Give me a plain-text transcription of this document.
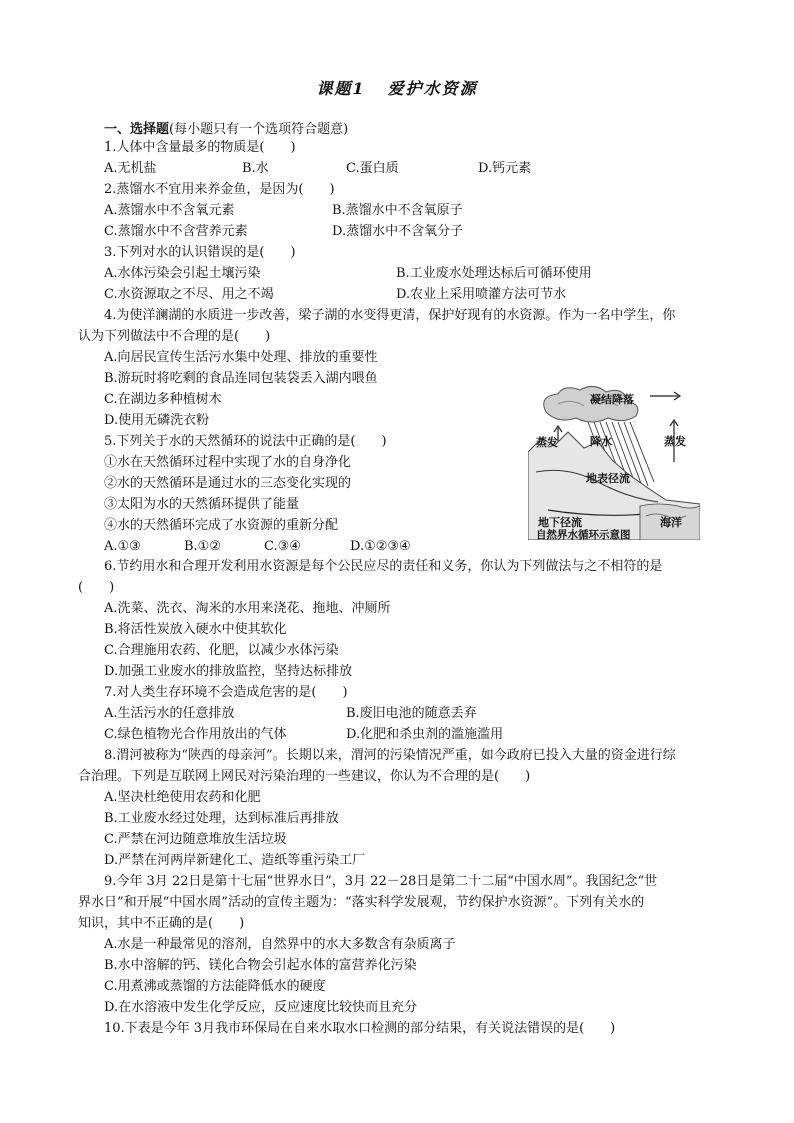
课题1 爱护水资源
一、选择题(每小题只有一个选项符合题意)
1.人体中含量最多的物质是(　　)
A.无机盐	B.水	C.蛋白质	D.钙元素
2.蒸馏水不宜用来养金鱼，是因为(　　)
A.蒸馏水中不含氧元素	B.蒸馏水中不含氧原子
C.蒸馏水中不含营养元素	D.蒸馏水中不含氧分子
3.下列对水的认识错误的是(　　)
A.水体污染会引起土壤污染	B.工业废水处理达标后可循环使用
C.水资源取之不尽、用之不竭	D.农业上采用喷灌方法可节水
4.为使洋澜湖的水质进一步改善，梁子湖的水变得更清，保护好现有的水资源。作为一名中学生，你
认为下列做法中不合理的是(　　)
A.向居民宣传生活污水集中处理、排放的重要性
B.游玩时将吃剩的食品连同包装袋丢入湖内喂鱼
C.在湖边多种植树木
D.使用无磷洗衣粉
5.下列关于水的天然循环的说法中正确的是(　　)
①水在天然循环过程中实现了水的自身净化
②水的天然循环是通过水的三态变化实现的
③太阳为水的天然循环提供了能量
④水的天然循环完成了水资源的重新分配
A.①③	B.①②	C.③④	D.①②③④
凝结降落
蒸发	降水	蒸发
地表径流
地下径流	海洋
自然界水循环示意图
6.节约用水和合理开发利用水资源是每个公民应尽的责任和义务，你认为下列做法与之不相符的是
(　　)
A.洗菜、洗衣、淘米的水用来浇花、拖地、冲厕所
B.将活性炭放入硬水中使其软化
C.合理施用农药、化肥，以减少水体污染
D.加强工业废水的排放监控，坚持达标排放
7.对人类生存环境不会造成危害的是(　　)
A.生活污水的任意排放	B.废旧电池的随意丢弃
C.绿色植物光合作用放出的气体	D.化肥和杀虫剂的滥施滥用
8.渭河被称为“陕西的母亲河”。长期以来，渭河的污染情况严重，如今政府已投入大量的资金进行综
合治理。下列是互联网上网民对污染治理的一些建议，你认为不合理的是(　　)
A.坚决杜绝使用农药和化肥
B.工业废水经过处理，达到标准后再排放
C.严禁在河边随意堆放生活垃圾
D.严禁在河两岸新建化工、造纸等重污染工厂
9.今年 3月 22日是第十七届“世界水日”，3月 22－28日是第二十二届“中国水周”。我国纪念“世
界水日”和开展“中国水周”活动的宣传主题为：“落实科学发展观，节约保护水资源”。下列有关水的
知识，其中不正确的是(　　)
A.水是一种最常见的溶剂，自然界中的水大多数含有杂质离子
B.水中溶解的钙、镁化合物会引起水体的富营养化污染
C.用煮沸或蒸馏的方法能降低水的硬度
D.在水溶液中发生化学反应，反应速度比较快而且充分
10.下表是今年 3月我市环保局在自来水取水口检测的部分结果，有关说法错误的是(　　)
